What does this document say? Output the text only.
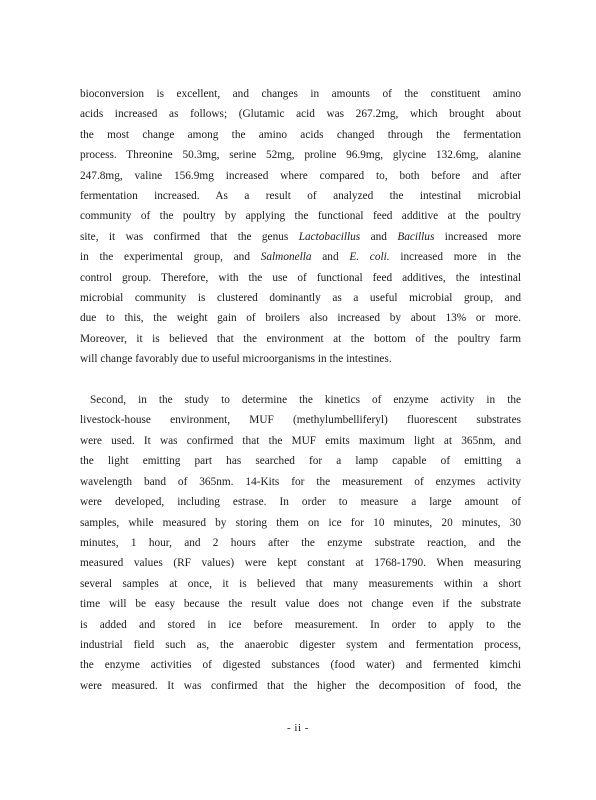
bioconversion is excellent, and changes in amounts of the constituent amino
acids increased as follows; (Glutamic acid was 267.2mg, which brought about
the most change among the amino acids changed through the fermentation
process. Threonine 50.3mg, serine 52mg, proline 96.9mg, glycine 132.6mg, alanine
247.8mg, valine 156.9mg increased where compared to, both before and after
fermentation increased. As a result of analyzed the intestinal microbial
community of the poultry by applying the functional feed additive at the poultry
site, it was confirmed that the genus Lactobacillus and Bacillus increased more
in the experimental group, and Salmonella and E. coli. increased more in the
control group. Therefore, with the use of functional feed additives, the intestinal
microbial community is clustered dominantly as a useful microbial group, and
due to this, the weight gain of broilers also increased by about 13% or more.
Moreover, it is believed that the environment at the bottom of the poultry farm
will change favorably due to useful microorganisms in the intestines.

Second, in the study to determine the kinetics of enzyme activity in the
livestock-house environment, MUF (methylumbelliferyl) fluorescent substrates
were used. It was confirmed that the MUF emits maximum light at 365nm, and
the light emitting part has searched for a lamp capable of emitting a
wavelength band of 365nm. 14-Kits for the measurement of enzymes activity
were developed, including estrase. In order to measure a large amount of
samples, while measured by storing them on ice for 10 minutes, 20 minutes, 30
minutes, 1 hour, and 2 hours after the enzyme substrate reaction, and the
measured values (RF values) were kept constant at 1768-1790. When measuring
several samples at once, it is believed that many measurements within a short
time will be easy because the result value does not change even if the substrate
is added and stored in ice before measurement. In order to apply to the
industrial field such as, the anaerobic digester system and fermentation process,
the enzyme activities of digested substances (food water) and fermented kimchi
were measured. It was confirmed that the higher the decomposition of food, the

- ii -
